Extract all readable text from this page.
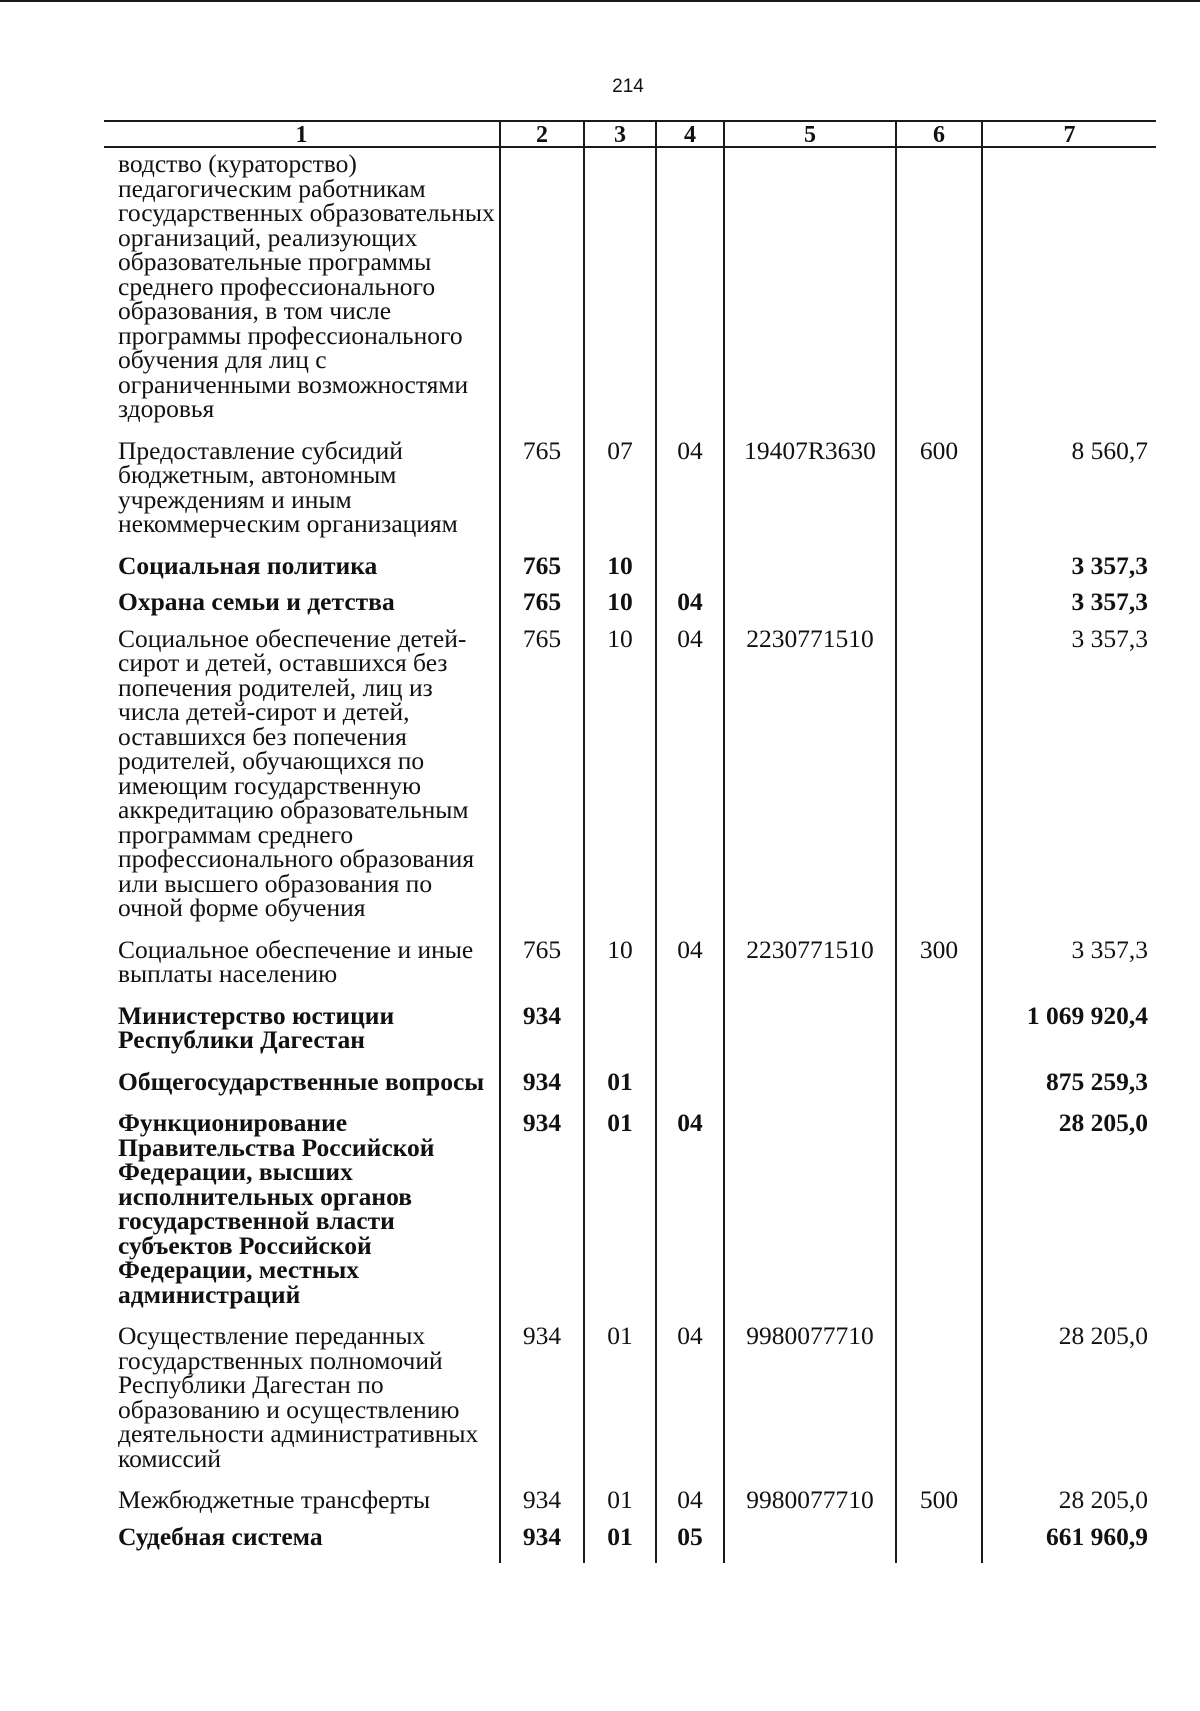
214
1	2	3	4	5	6	7
водство (кураторство) педагогическим работникам государственных образовательных организаций, реализующих образовательные программы среднего профессионального образования, в том числе программы профессионального обучения для лиц с ограниченными возможностями здоровья						
Предоставление субсидий бюджетным, автономным учреждениям и иным некоммерческим организациям	765	07	04	19407R3630	600	8 560,7
Социальная политика	765	10				3 357,3
Охрана семьи и детства	765	10	04			3 357,3
Социальное обеспечение детей-сирот и детей, оставшихся без попечения родителей, лиц из числа детей-сирот и детей, оставшихся без попечения родителей, обучающихся по имеющим государственную аккредитацию образовательным программам среднего профессионального образования или высшего образования по очной форме обучения	765	10	04	2230771510		3 357,3
Социальное обеспечение и иные выплаты населению	765	10	04	2230771510	300	3 357,3
Министерство юстиции Республики Дагестан	934					1 069 920,4
Общегосударственные вопросы	934	01				875 259,3
Функционирование Правительства Российской Федерации, высших исполнительных органов государственной власти субъектов Российской Федерации, местных администраций	934	01	04			28 205,0
Осуществление переданных государственных полномочий Республики Дагестан по образованию и осуществлению деятельности административных комиссий	934	01	04	9980077710		28 205,0
Межбюджетные трансферты	934	01	04	9980077710	500	28 205,0
Судебная система	934	01	05			661 960,9
